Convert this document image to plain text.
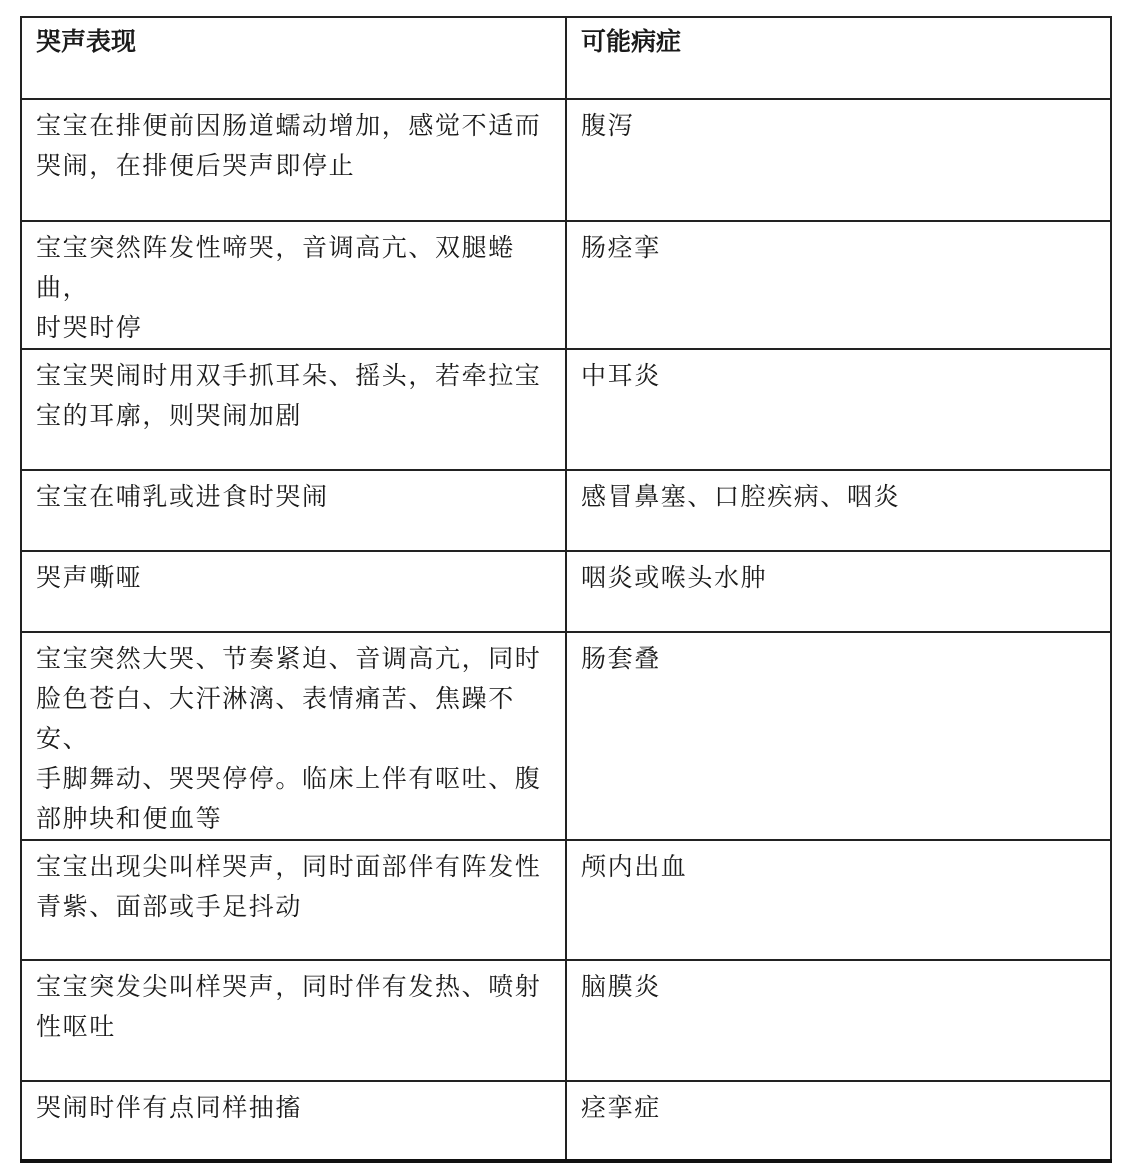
哭声表现	可能病症
宝宝在排便前因肠道蠕动增加，感觉不适而
哭闹，在排便后哭声即停止	腹泻
宝宝突然阵发性啼哭，音调高亢、双腿蜷曲，
时哭时停	肠痉挛
宝宝哭闹时用双手抓耳朵、摇头，若牵拉宝
宝的耳廓，则哭闹加剧	中耳炎
宝宝在哺乳或进食时哭闹	感冒鼻塞、口腔疾病、咽炎
哭声嘶哑	咽炎或喉头水肿
宝宝突然大哭、节奏紧迫、音调高亢，同时
脸色苍白、大汗淋漓、表情痛苦、焦躁不安、
手脚舞动、哭哭停停。临床上伴有呕吐、腹
部肿块和便血等	肠套叠
宝宝出现尖叫样哭声，同时面部伴有阵发性
青紫、面部或手足抖动	颅内出血
宝宝突发尖叫样哭声，同时伴有发热、喷射
性呕吐	脑膜炎
哭闹时伴有点同样抽搐	痉挛症
